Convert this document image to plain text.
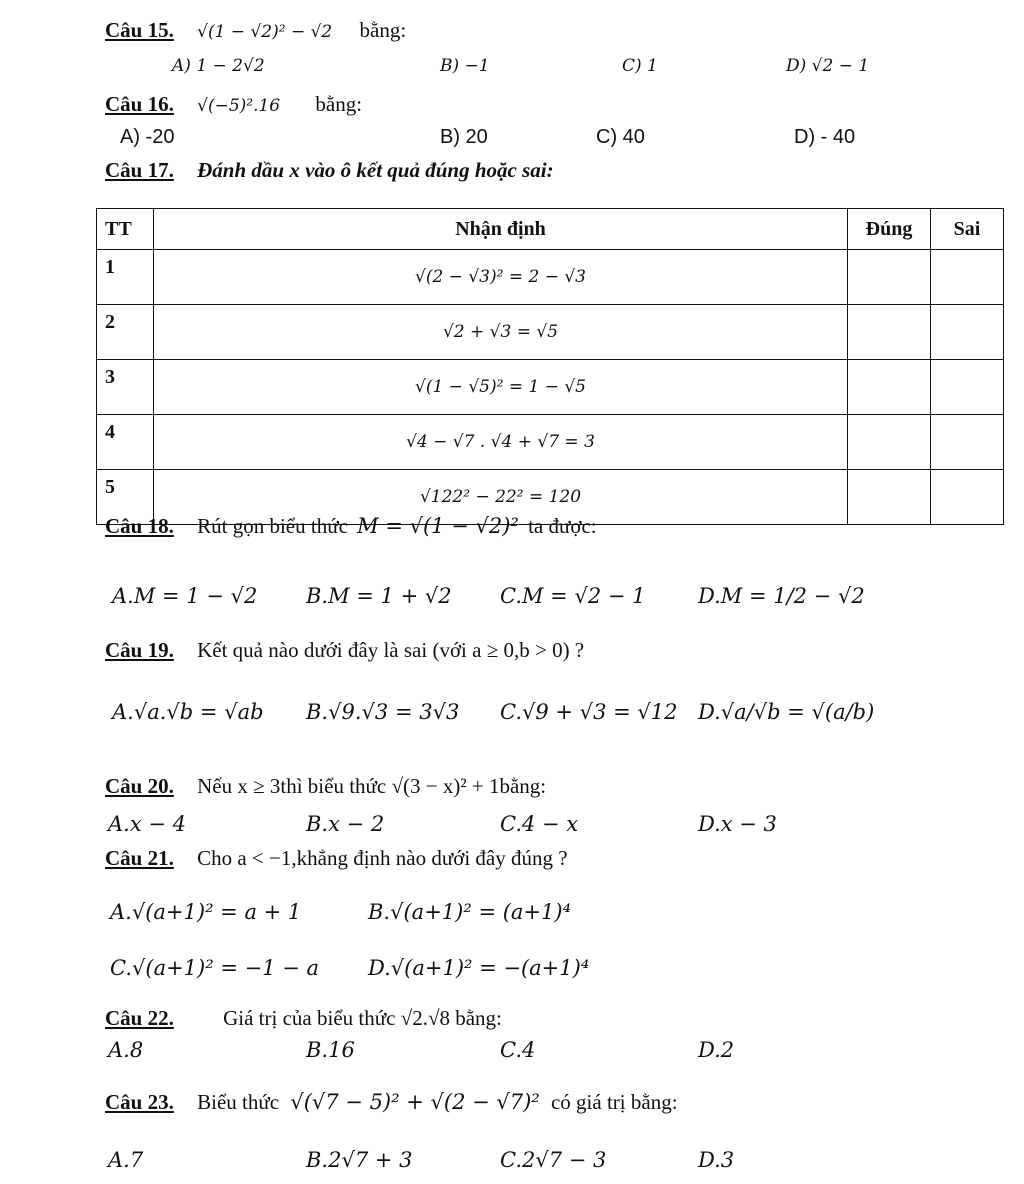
Câu 15. √(1 − √2)² − √2 bằng:
A) 1 − 2√2	B) −1	C) 1	D) √2 − 1
Câu 16. √(−5)².16 bằng:
A) -20	B) 20	C) 40	D) - 40
Câu 17. Đánh dầu x vào ô kết quả đúng hoặc sai:
TT	Nhận định	Đúng	Sai
1	√(2 − √3)² = 2 − √3		
2	√2 + √3 = √5		
3	√(1 − √5)² = 1 − √5		
4	√4 − √7 . √4 + √7 = 3		
5	√122² − 22² = 120		
Câu 18. Rút gọn biểu thức M = √(1 − √2)² ta được:
A.M = 1 − √2 B.M = 1 + √2 C.M = √2 − 1	D.M = 1/2 − √2
Câu 19. Kết quả nào dưới đây là sai (với a ≥ 0,b > 0) ?
A.√a.√b = √ab B.√9.√3 = 3√3 C.√9 + √3 = √12 D.√a/√b = √(a/b)
Câu 20. Nếu x ≥ 3thì biểu thức √(3 − x)² + 1bằng:
A.x − 4	B.x − 2	C.4 − x	D.x − 3
Câu 21. Cho a < −1,khẳng định nào dưới đây đúng ?
A.√(a+1)² = a + 1	B.√(a+1)² = (a+1)⁴
C.√(a+1)² = −1 − a D.√(a+1)² = −(a+1)⁴
Câu 22. Giá trị của biểu thức √2.√8 bằng:
A.8	B.16	C.4	D.2
Câu 23. Biểu thức √(√7 − 5)² + √(2 − √7)² có giá trị bằng:
A.7	B.2√7 + 3	C.2√7 − 3	D.3
